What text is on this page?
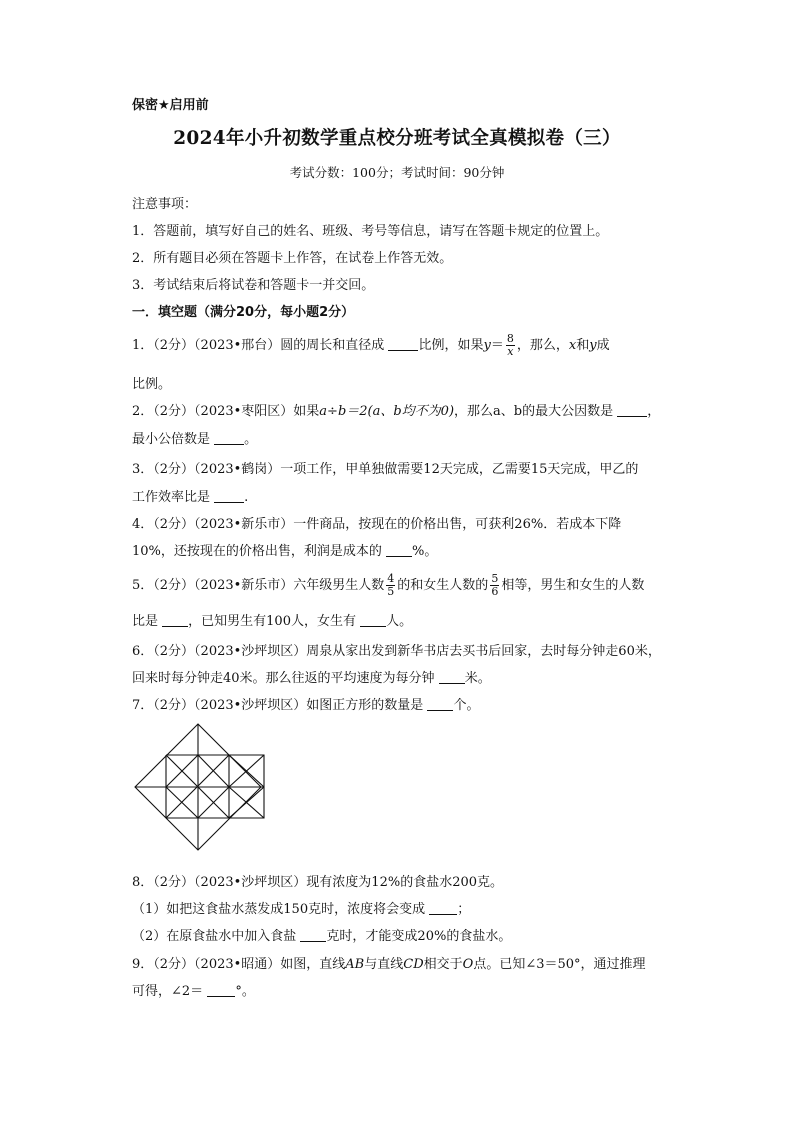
保密★启用前
2024年小升初数学重点校分班考试全真模拟卷（三）
考试分数：100分；考试时间：90分钟
注意事项：
1．答题前，填写好自己的姓名、班级、考号等信息，请写在答题卡规定的位置上。
2．所有题目必须在答题卡上作答，在试卷上作答无效。
3．考试结束后将试卷和答题卡一并交回。
一．填空题（满分20分，每小题2分）
1．（2分）（2023•邢台）圆的周长和直径成	比例，如果$y= \frac{8}{x}$ ，那么，x和y成
比例。
2．（2分）（2023•枣阳区）如果a÷b＝2(a、b均不为0)，那么a、b的最大公因数是	，
最小公倍数是	。
3．（2分）（2023•鹤岗）一项工作，甲单独做需要12天完成，乙需要15天完成，甲乙的
工作效率比是	.
4．（2分）（2023•新乐市）一件商品，按现在的价格出售，可获利26%．若成本下降
10%，还按现在的价格出售，利润是成本的 %。
5．（2分）（2023•新乐市）六年级男生人数 $\frac{4}{5}$ 的和女生人数的 $\frac{5}{6}$ 相等，男生和女生的人数
比是 ，已知男生有100人，女生有 人。
6．（2分）（2023•沙坪坝区）周泉从家出发到新华书店去买书后回家，去时每分钟走60米，
回来时每分钟走40米。那么往返的平均速度为每分钟 米。
7．（2分）（2023•沙坪坝区）如图正方形的数量是 个。
8．（2分）（2023•沙坪坝区）现有浓度为12%的食盐水200克。
（1）如把这食盐水蒸发成150克时，浓度将会变成 ；
（2）在原食盐水中加入食盐 克时，才能变成20%的食盐水。
9．（2分）（2023•昭通）如图，直线AB与直线CD相交于O点。已知∠3＝50°，通过推理
可得，∠2＝ °。
